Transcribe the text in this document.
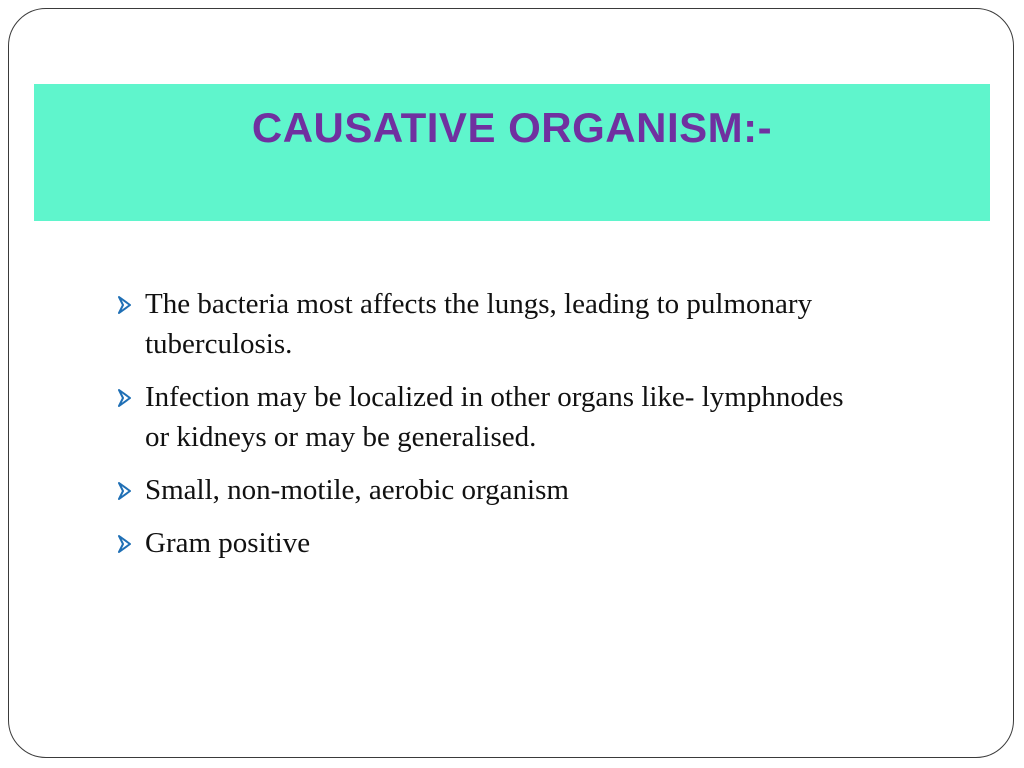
CAUSATIVE ORGANISM:-
The bacteria most affects the lungs, leading to pulmonary tuberculosis.
Infection may be localized in other organs like- lymphnodes or kidneys or may be generalised.
Small, non-motile, aerobic organism
Gram positive
